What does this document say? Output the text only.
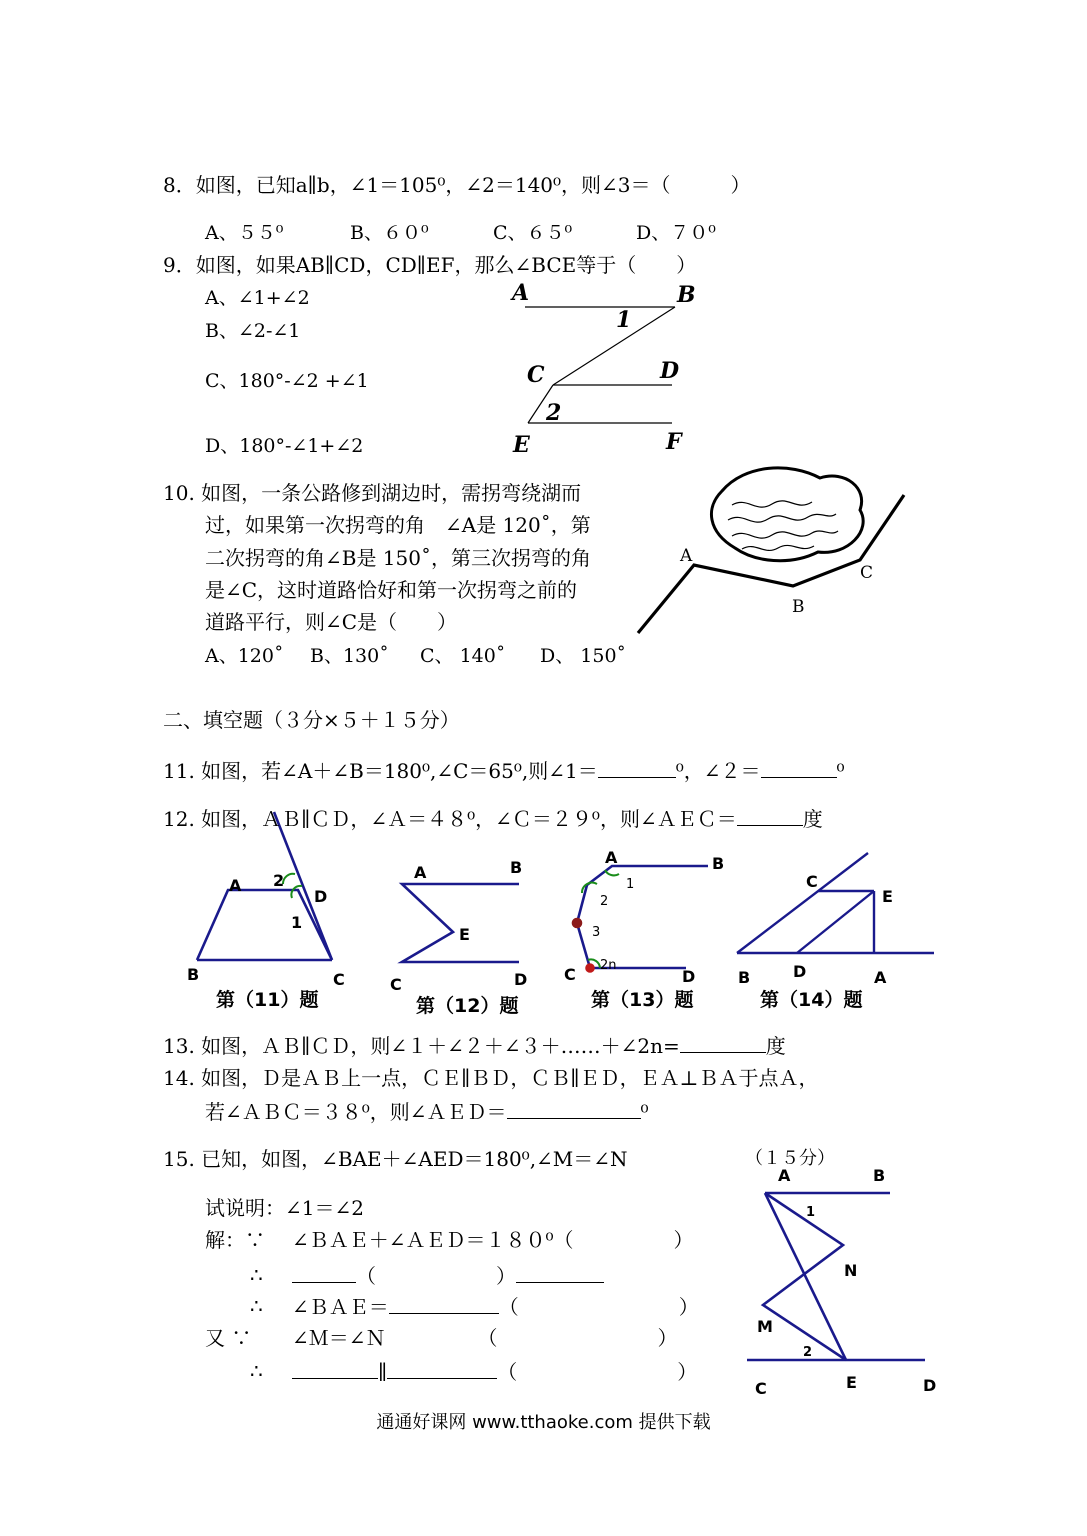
8．如图，已知a∥b，∠1＝105⁰，∠2＝140⁰，则∠3＝（　　　）
A、５５⁰	B、６０⁰	C、６５⁰	D、７０⁰
9．如图，如果AB∥CD，CD∥EF，那么∠BCE等于（　　）
A、∠1+∠2
B、∠2-∠1
C、180°-∠2 +∠1
D、180°-∠1+∠2
A	B
1
C	D
2
E	F
10. 如图，一条公路修到湖边时，需拐弯绕湖而
过，如果第一次拐弯的角　∠A是 120˚，第
二次拐弯的角∠B是 150˚，第三次拐弯的角
是∠C，这时道路恰好和第一次拐弯之前的
道路平行，则∠C是（　　）
A、120˚ B、130˚ C、 140˚ D、 150˚
A
B
C
二、填空题（３分×５＋１５分）
11. 如图，若∠A＋∠B＝180⁰,∠C＝65⁰,则∠1＝	⁰，∠２＝	⁰
12. 如图，ＡＢ∥ＣＤ，∠Ａ＝４８⁰，∠Ｃ＝２９⁰，则∠ＡＥＣ＝	度
A 2
D
1
B	C
第（11）题
A	B
E
C	D
第（12）题
A	B
1
2
3
2n
C	D
第（13）题
C
E
B	D	A
第（14）题
13. 如图，ＡＢ∥ＣＤ，则∠１＋∠２＋∠３＋……＋∠2n=	度
14. 如图，Ｄ是ＡＢ上一点，ＣＥ∥ＢＤ，ＣＢ∥ＥＤ，ＥＡ⊥ＢＡ于点Ａ，
若∠ＡＢＣ＝３８⁰，则∠ＡＥＤ＝	⁰
15. 已知，如图，∠BAE＋∠AED＝180⁰,∠M＝∠N	（１５分）
试说明：∠1＝∠2
解：∵ ∠ＢＡＥ＋∠ＡＥＤ＝１８０⁰（　　　　　）
∴	（　　　　　　）
∴ ∠ＢＡＥ＝	（　　　　　　　　）
又 ∵ ∠Ｍ＝∠Ｎ	（　　　　　　　　）
∴	∥	（　　　　　　　　）
A	B
1
N
M
2
C	E	D
通通好课网 www.tthaoke.com 提供下载
